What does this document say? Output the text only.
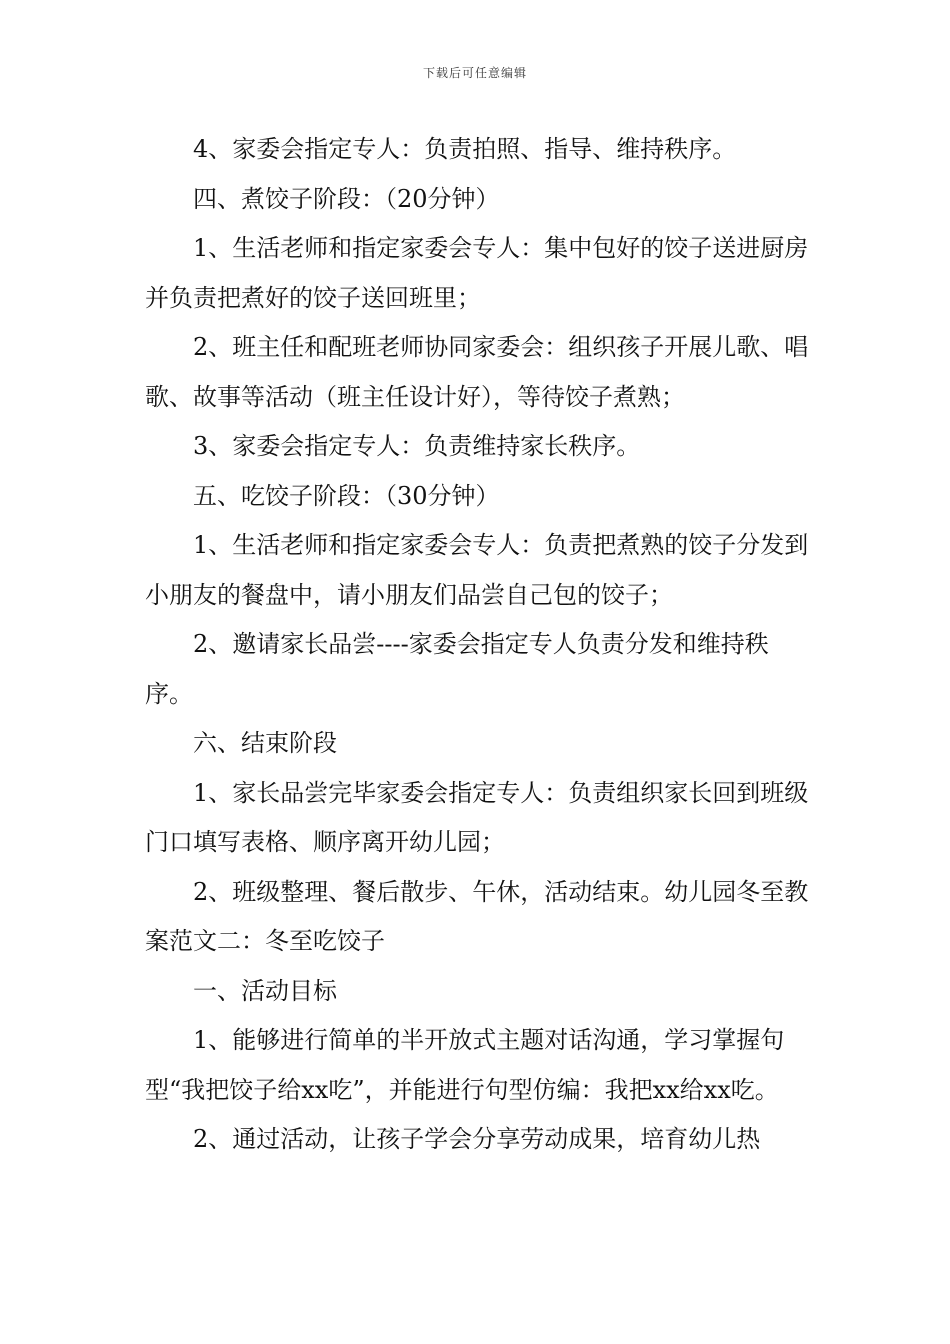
下载后可任意编辑

4、家委会指定专人：负责拍照、指导、维持秩序。

四、煮饺子阶段：（20分钟）

1、生活老师和指定家委会专人：集中包好的饺子送进厨房并负责把煮好的饺子送回班里；

2、班主任和配班老师协同家委会：组织孩子开展儿歌、唱歌、故事等活动（班主任设计好），等待饺子煮熟；

3、家委会指定专人：负责维持家长秩序。

五、吃饺子阶段：（30分钟）

1、生活老师和指定家委会专人：负责把煮熟的饺子分发到小朋友的餐盘中，请小朋友们品尝自己包的饺子；

2、邀请家长品尝----家委会指定专人负责分发和维持秩序。

六、结束阶段

1、家长品尝完毕家委会指定专人：负责组织家长回到班级门口填写表格、顺序离开幼儿园；

2、班级整理、餐后散步、午休，活动结束。幼儿园冬至教案范文二：冬至吃饺子

一、活动目标

1、能够进行简单的半开放式主题对话沟通，学习掌握句型“我把饺子给xx吃”，并能进行句型仿编：我把xx给xx吃。

2、通过活动，让孩子学会分享劳动成果，培育幼儿热
